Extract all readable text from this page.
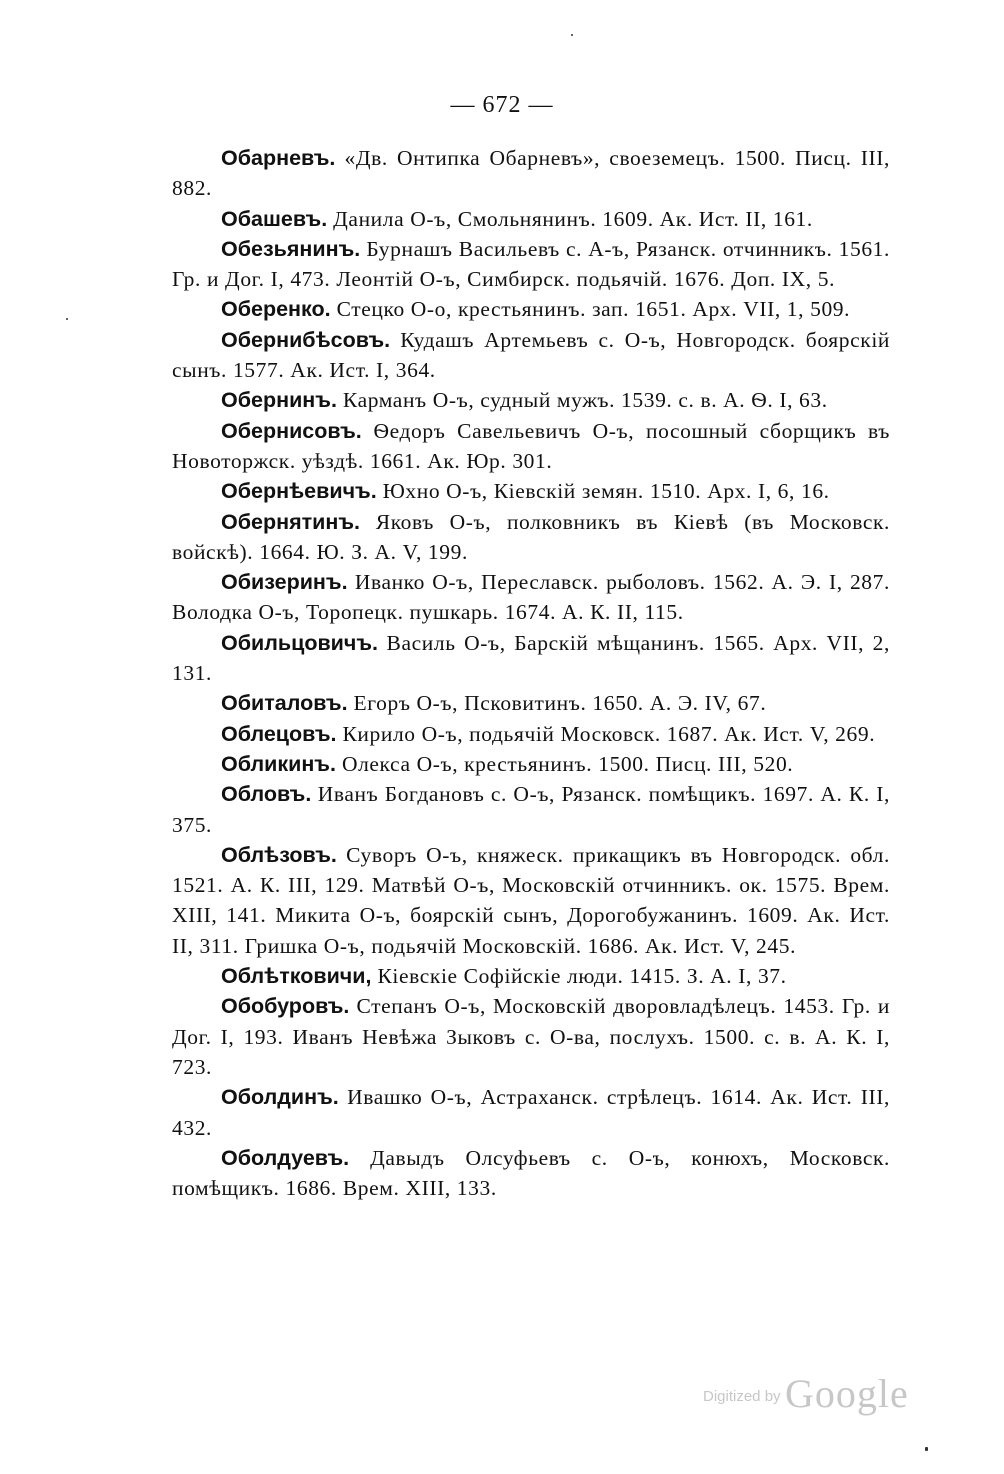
— 672 —

Обарневъ. «Дв. Онтипка Обарневъ», своеземецъ. 1500. Писц. III, 882.

Обашевъ. Данила О-ъ, Смольнянинъ. 1609. Ак. Ист. II, 161.

Обезьянинъ. Бурнашъ Васильевъ с. А-ъ, Рязанск. отчинникъ. 1561. Гр. и Дог. I, 473. Леонтій О-ъ, Симбирск. подьячій. 1676. Доп. IX, 5.

Оберенко. Стецко О-о, крестьянинъ. зап. 1651. Арх. VII, 1, 509.

Обернибѣсовъ. Кудашъ Артемьевъ с. О-ъ, Новгородск. боярскій сынъ. 1577. Ак. Ист. I, 364.

Обернинъ. Карманъ О-ъ, судный мужъ. 1539. с. в. А. Ѳ. I, 63.

Обернисовъ. Ѳедоръ Савельевичъ О-ъ, посошный сборщикъ въ Новоторжск. уѣздѣ. 1661. Ак. Юр. 301.

Обернѣевичъ. Юхно О-ъ, Кіевскій земян. 1510. Арх. I, 6, 16.

Обернятинъ. Яковъ О-ъ, полковникъ въ Кіевѣ (въ Московск. войскѣ). 1664. Ю. З. А. V, 199.

Обизеринъ. Иванко О-ъ, Переславск. рыболовъ. 1562. А. Э. I, 287. Володка О-ъ, Торопецк. пушкарь. 1674. А. К. II, 115.

Обильцовичъ. Василь О-ъ, Барскій мѣщанинъ. 1565. Арх. VII, 2, 131.

Обиталовъ. Егоръ О-ъ, Псковитинъ. 1650. А. Э. IV, 67.

Облецовъ. Кирило О-ъ, подьячій Московск. 1687. Ак. Ист. V, 269.

Обликинъ. Олекса О-ъ, крестьянинъ. 1500. Писц. III, 520.

Обловъ. Иванъ Богдановъ с. О-ъ, Рязанск. помѣщикъ. 1697. А. К. I, 375.

Облѣзовъ. Суворъ О-ъ, княжеск. прикащикъ въ Новгородск. обл. 1521. А. К. III, 129. Матвѣй О-ъ, Московскій отчинникъ. ок. 1575. Врем. XIII, 141. Микита О-ъ, боярскій сынъ, Дорогобужанинъ. 1609. Ак. Ист. II, 311. Гришка О-ъ, подьячій Московскій. 1686. Ак. Ист. V, 245.

Облѣтковичи, Кіевскіе Софійскіе люди. 1415. З. А. I, 37.

Обобуровъ. Степанъ О-ъ, Московскій дворовладѣлецъ. 1453. Гр. и Дог. I, 193. Иванъ Невѣжа Зыковъ с. О-ва, послухъ. 1500. с. в. А. К. I, 723.

Оболдинъ. Ивашко О-ъ, Астраханск. стрѣлецъ. 1614. Ак. Ист. III, 432.

Оболдуевъ. Давыдъ Олсуфьевъ с. О-ъ, конюхъ, Московск. помѣщикъ. 1686. Врем. XIII, 133.

Digitized by Google
